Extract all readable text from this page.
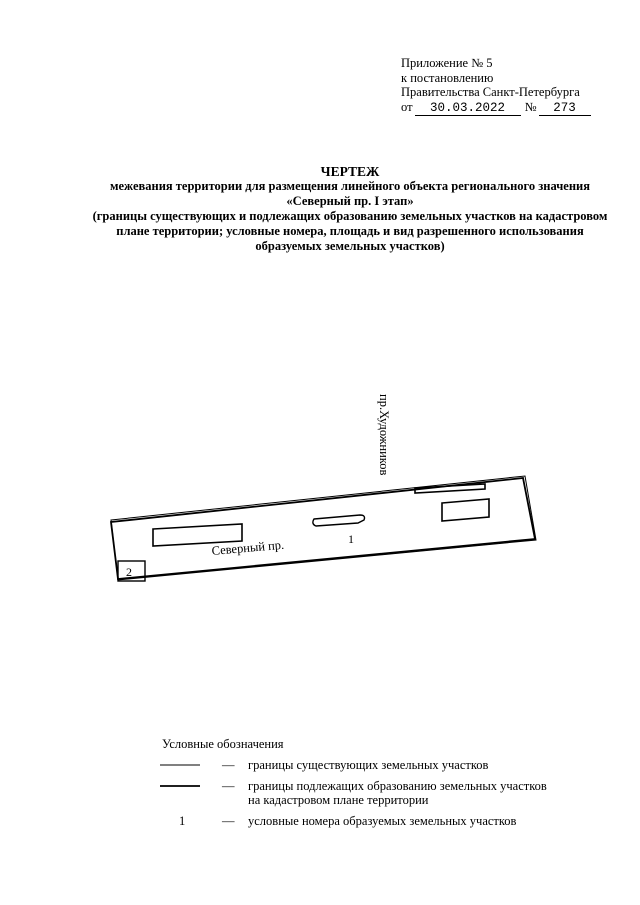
Приложение № 5
к постановлению
Правительства Санкт-Петербурга
от 30.03.2022 № 273
ЧЕРТЕЖ
межевания территории для размещения линейного объекта регионального значения
«Северный пр. I этап»
(границы существующих и подлежащих образованию земельных участков на кадастровом
плане территории; условные номера, площадь и вид разрешенного использования
образуемых земельных участков)
2
1
Северный пр.
пр.Художников
Условные обозначения
— границы существующих земельных участков
— границы подлежащих образованию земельных участков
на кадастровом плане территории
1	— условные номера образуемых земельных участков
